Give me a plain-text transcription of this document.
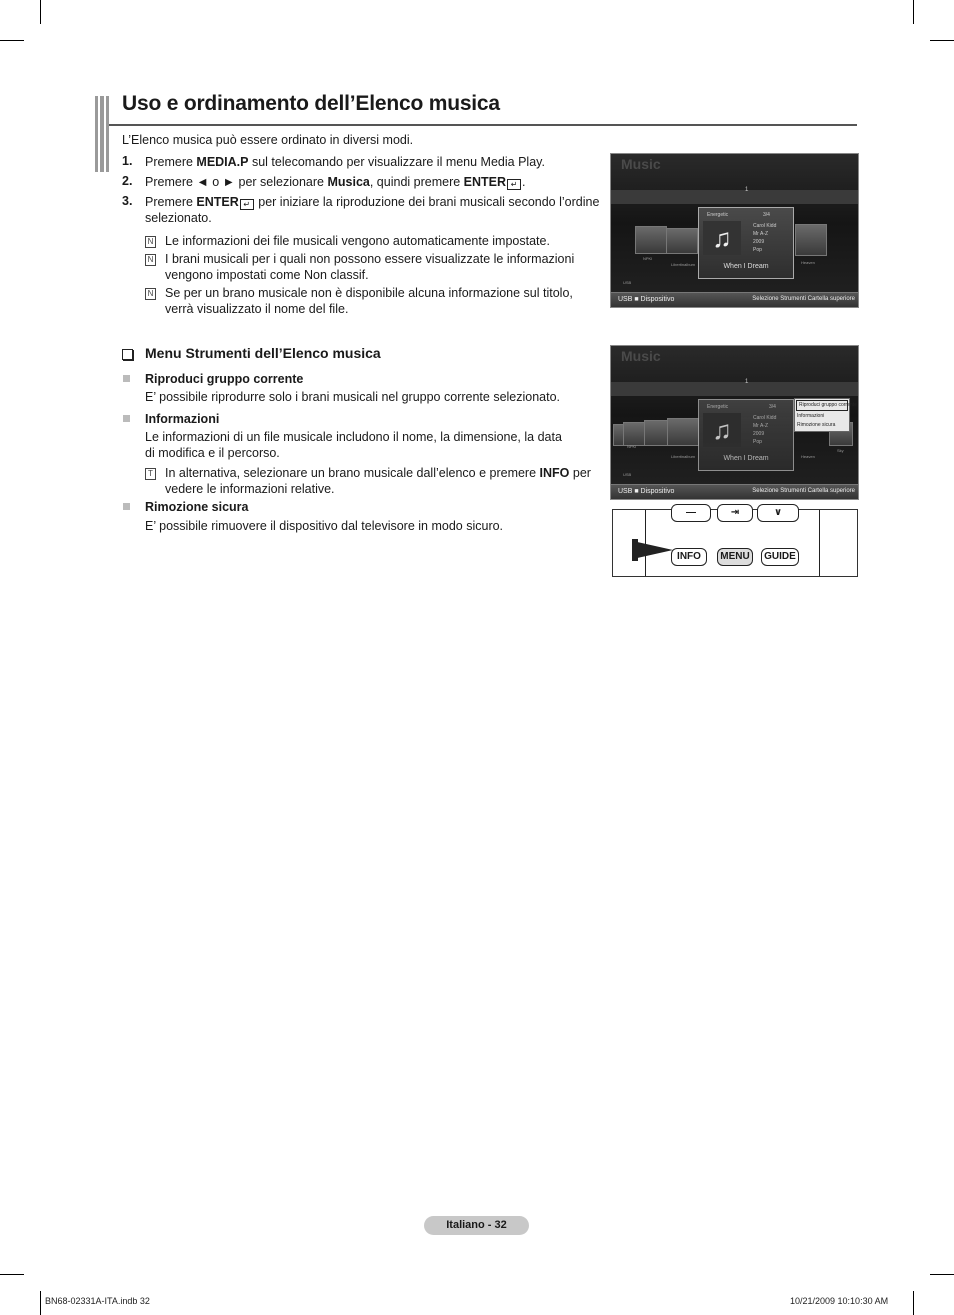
Uso e ordinamento dell’Elenco musica
L’Elenco musica può essere ordinato in diversi modi.
1. Premere MEDIA.P sul telecomando per visualizzare il menu Media Play.
2. Premere ◄ o ► per selezionare Musica, quindi premere ENTER ↵ .
3. Premere ENTER ↵ per iniziare la riproduzione dei brani musicali secondo l’ordine selezionato.
N Le informazioni dei file musicali vengono automaticamente impostate.
N I brani musicali per i quali non possono essere visualizzate le informazioni vengono impostati come Non classif.
N Se per un brano musicale non è disponibile alcuna informazione sul titolo, verrà visualizzato il nome del file.
Menu Strumenti dell’Elenco musica
Riproduci gruppo corrente
E’ possibile riprodurre solo i brani musicali nel gruppo corrente selezionato.
Informazioni
Le informazioni di un file musicale includono il nome, la dimensione, la data di modifica e il percorso.
T In alternativa, selezionare un brano musicale dall’elenco e premere INFO per vedere le informazioni relative.
Rimozione sicura
E’ possibile rimuovere il dispositivo dal televisore in modo sicuro.
Music
1
NPKI
Libertinalbum	Heaven
Energetic	3/4
♫	Carol Kidd
Mr A-Z
2009
Pop
When I Dream
USB
USB ■ Dispositivo	Selezione Strumenti Cartella superiore
Music
1
NPKI
Libertinalbum	Heaven
Sky
Energetic	3/4
♫	Carol Kidd
Mr A-Z
2009
Pop
When I Dream
Riproduci gruppo corrente
Informazioni
Rimozione sicura
USB
USB ■ Dispositivo	Selezione Strumenti Cartella superiore
—	⇥	∨
INFO	MENU	GUIDE
Italiano - 32
BN68-02331A-ITA.indb 32	10/21/2009 10:10:30 AM
